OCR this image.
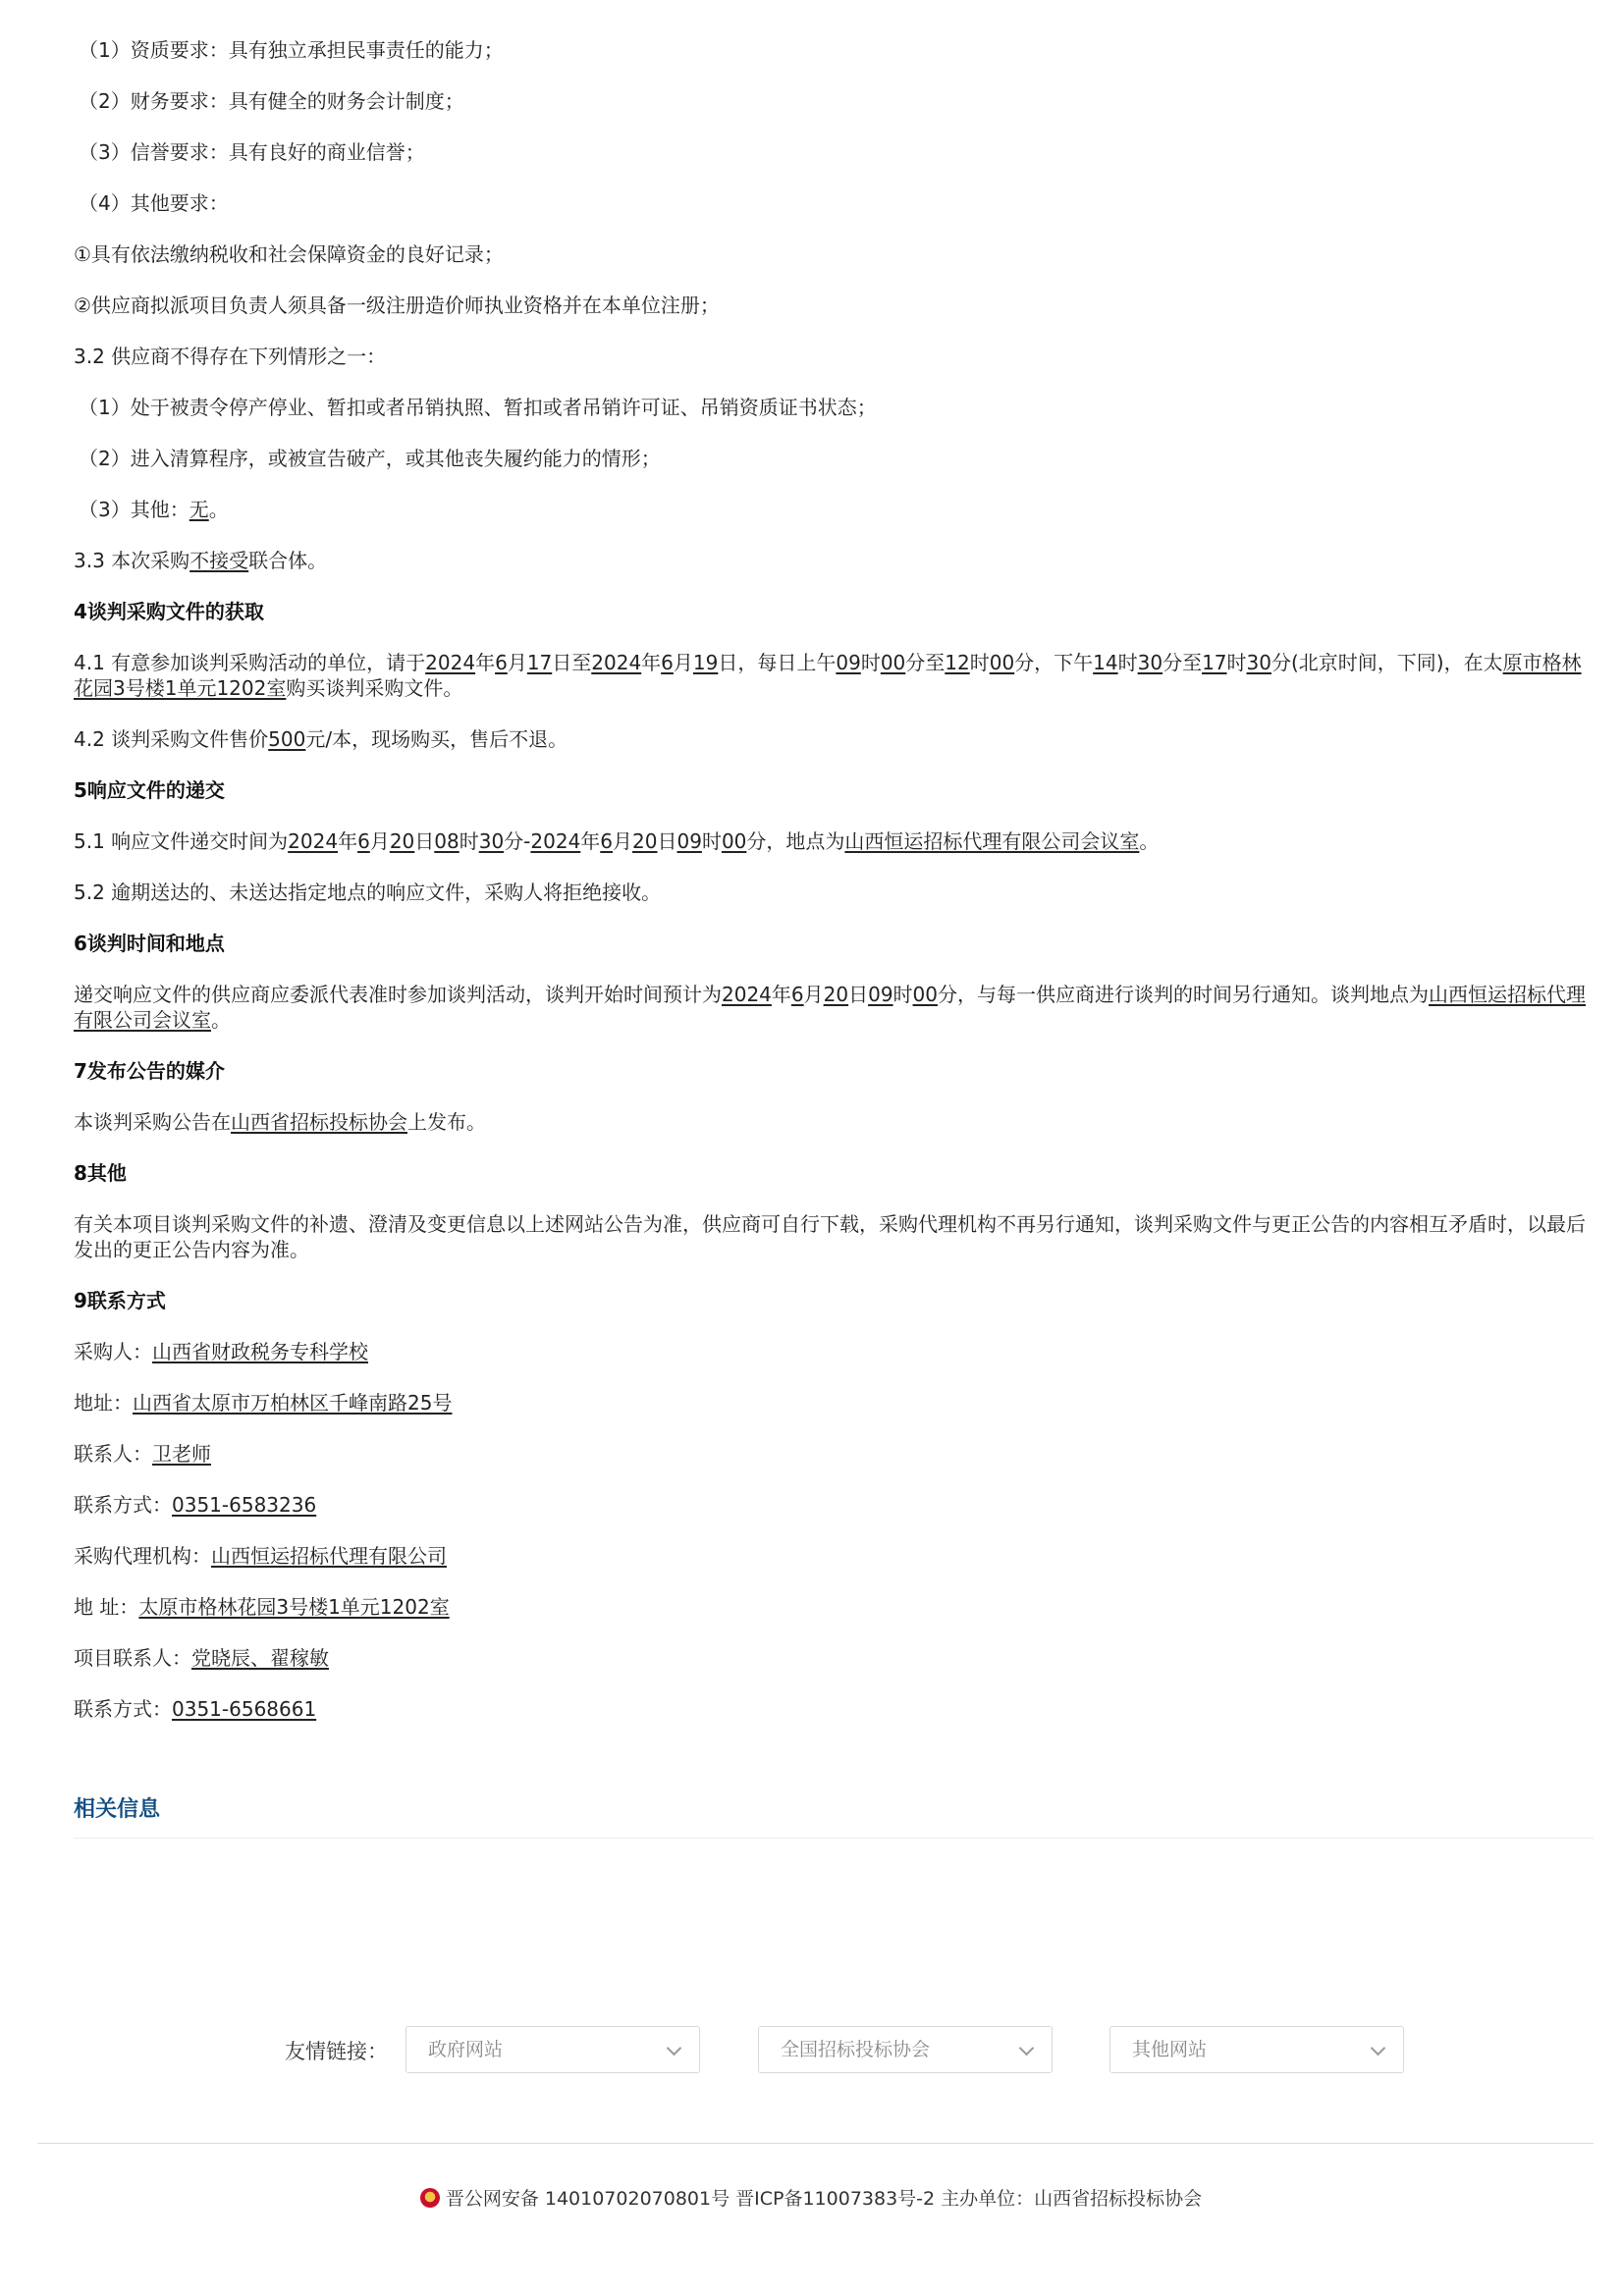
（1）资质要求：具有独立承担民事责任的能力；

（2）财务要求：具有健全的财务会计制度；

（3）信誉要求：具有良好的商业信誉；

（4）其他要求：

①具有依法缴纳税收和社会保障资金的良好记录；

②供应商拟派项目负责人须具备一级注册造价师执业资格并在本单位注册；

3.2 供应商不得存在下列情形之一：

（1）处于被责令停产停业、暂扣或者吊销执照、暂扣或者吊销许可证、吊销资质证书状态；

（2）进入清算程序，或被宣告破产，或其他丧失履约能力的情形；

（3）其他：无。

3.3 本次采购不接受联合体。

4谈判采购文件的获取

4.1 有意参加谈判采购活动的单位，请于2024年6月17日至2024年6月19日，每日上午09时00分至12时00分，下午14时30分至17时30分(北京时间，下同)，在太原市格林花园3号楼1单元1202室购买谈判采购文件。

4.2 谈判采购文件售价500元/本，现场购买，售后不退。

5响应文件的递交

5.1 响应文件递交时间为2024年6月20日08时30分-2024年6月20日09时00分，地点为山西恒运招标代理有限公司会议室。

5.2 逾期送达的、未送达指定地点的响应文件，采购人将拒绝接收。

6谈判时间和地点

递交响应文件的供应商应委派代表准时参加谈判活动，谈判开始时间预计为2024年6月20日09时00分，与每一供应商进行谈判的时间另行通知。谈判地点为山西恒运招标代理有限公司会议室。

7发布公告的媒介

本谈判采购公告在山西省招标投标协会上发布。

8其他

有关本项目谈判采购文件的补遗、澄清及变更信息以上述网站公告为准，供应商可自行下载，采购代理机构不再另行通知，谈判采购文件与更正公告的内容相互矛盾时，以最后发出的更正公告内容为准。

9联系方式

采购人：山西省财政税务专科学校

地址：山西省太原市万柏林区千峰南路25号

联系人：卫老师

联系方式：0351-6583236

采购代理机构：山西恒运招标代理有限公司

地 址：太原市格林花园3号楼1单元1202室

项目联系人：党晓辰、翟稼敏

联系方式：0351-6568661

相关信息
友情链接：	政府网站	全国招标投标协会	其他网站
晋公网安备 14010702070801号 晋ICP备11007383号-2 主办单位：山西省招标投标协会
